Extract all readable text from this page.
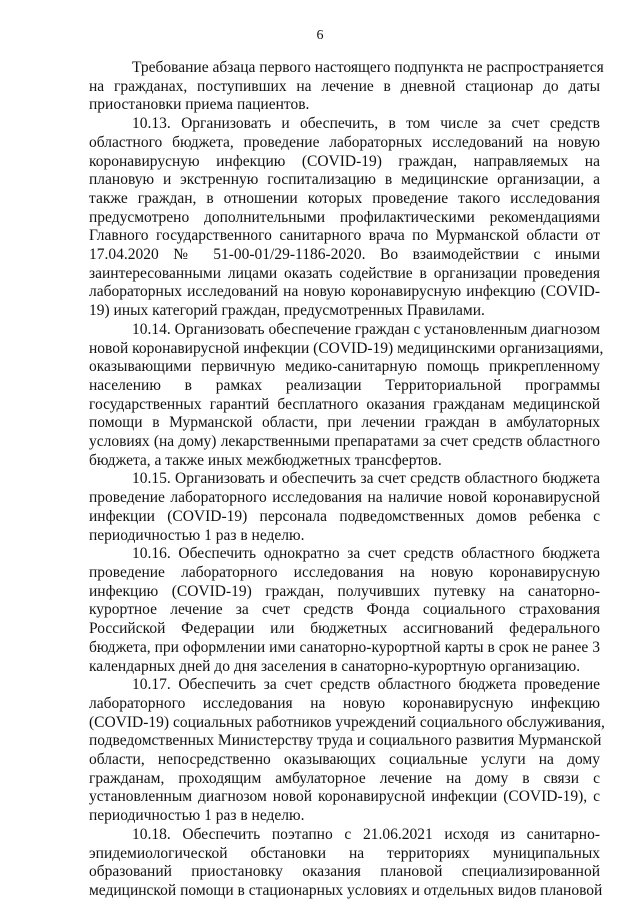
6
Требование абзаца первого настоящего подпункта не распространяется
на гражданах, поступивших на лечение в дневной стационар до даты
приостановки приема пациентов.
10.13. Организовать и обеспечить, в том числе за счет средств
областного бюджета, проведение лабораторных исследований на новую
коронавирусную инфекцию (COVID-19) граждан, направляемых на
плановую и экстренную госпитализацию в медицинские организации, а
также граждан, в отношении которых проведение такого исследования
предусмотрено дополнительными профилактическими рекомендациями
Главного государственного санитарного врача по Мурманской области от
17.04.2020 № 51-00-01/29-1186-2020. Во взаимодействии с иными
заинтересованными лицами оказать содействие в организации проведения
лабораторных исследований на новую коронавирусную инфекцию (COVID-
19) иных категорий граждан, предусмотренных Правилами.
10.14. Организовать обеспечение граждан с установленным диагнозом
новой коронавирусной инфекции (COVID-19) медицинскими организациями,
оказывающими первичную медико-санитарную помощь прикрепленному
населению в рамках реализации Территориальной программы
государственных гарантий бесплатного оказания гражданам медицинской
помощи в Мурманской области, при лечении граждан в амбулаторных
условиях (на дому) лекарственными препаратами за счет средств областного
бюджета, а также иных межбюджетных трансфертов.
10.15. Организовать и обеспечить за счет средств областного бюджета
проведение лабораторного исследования на наличие новой коронавирусной
инфекции (COVID-19) персонала подведомственных домов ребенка с
периодичностью 1 раз в неделю.
10.16. Обеспечить однократно за счет средств областного бюджета
проведение лабораторного исследования на новую коронавирусную
инфекцию (COVID-19) граждан, получивших путевку на санаторно-
курортное лечение за счет средств Фонда социального страхования
Российской Федерации или бюджетных ассигнований федерального
бюджета, при оформлении ими санаторно-курортной карты в срок не ранее 3
календарных дней до дня заселения в санаторно-курортную организацию.
10.17. Обеспечить за счет средств областного бюджета проведение
лабораторного исследования на новую коронавирусную инфекцию
(COVID-19) социальных работников учреждений социального обслуживания,
подведомственных Министерству труда и социального развития Мурманской
области, непосредственно оказывающих социальные услуги на дому
гражданам, проходящим амбулаторное лечение на дому в связи с
установленным диагнозом новой коронавирусной инфекции (COVID-19), с
периодичностью 1 раз в неделю.
10.18. Обеспечить поэтапно с 21.06.2021 исходя из санитарно-
эпидемиологической обстановки на территориях муниципальных
образований приостановку оказания плановой специализированной
медицинской помощи в стационарных условиях и отдельных видов плановой
